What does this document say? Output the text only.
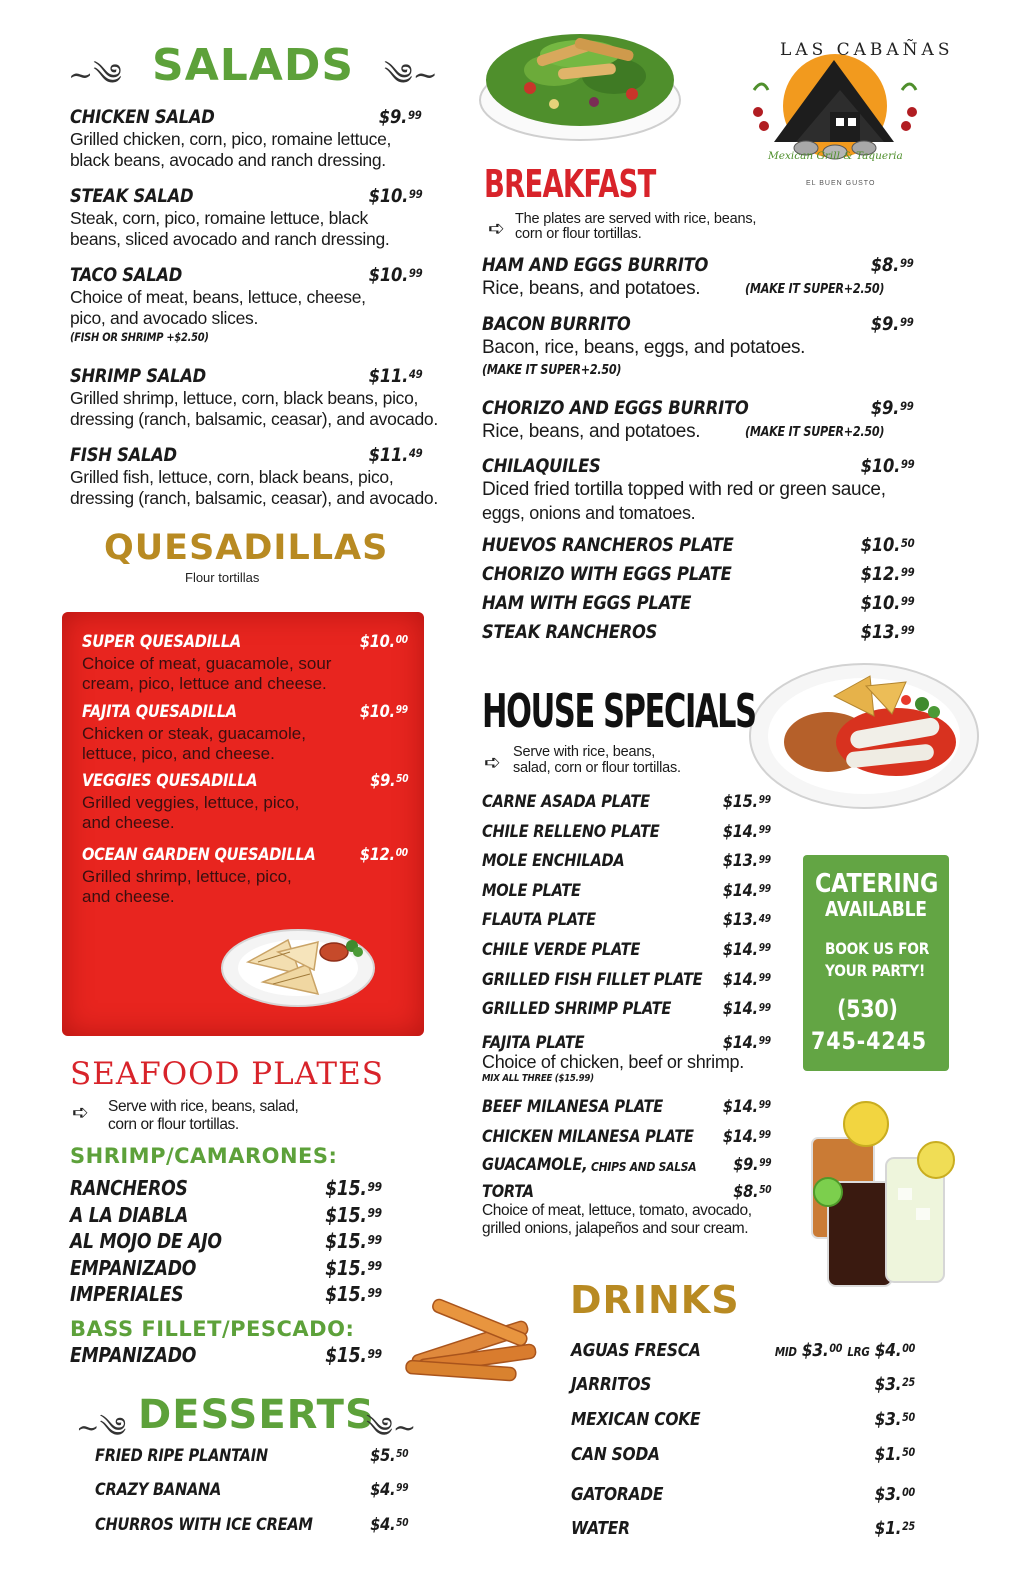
~༄ SALADS ༄~
CHICKEN SALAD	$9.99
Grilled chicken, corn, pico, romaine lettuce,
black beans, avocado and ranch dressing.
STEAK SALAD	$10.99
Steak, corn, pico, romaine lettuce, black
beans, sliced avocado and ranch dressing.
TACO SALAD	$10.99
Choice of meat, beans, lettuce, cheese,
pico, and avocado slices.
(FISH OR SHRIMP +$2.50)
SHRIMP SALAD	$11.49
Grilled shrimp, lettuce, corn, black beans, pico,
dressing (ranch, balsamic, ceasar), and avocado.
FISH SALAD	$11.49
Grilled fish, lettuce, corn, black beans, pico,
dressing (ranch, balsamic, ceasar), and avocado.
QUESADILLAS
Flour tortillas
SUPER QUESADILLA	$10.00
Choice of meat, guacamole, sour
cream, pico, lettuce and cheese.
FAJITA QUESADILLA	$10.99
Chicken or steak, guacamole,
lettuce, pico, and cheese.
VEGGIES QUESADILLA	$9.50
Grilled veggies, lettuce, pico,
and cheese.
OCEAN GARDEN QUESADILLA	$12.00
Grilled shrimp, lettuce, pico,
and cheese.
SEAFOOD PLATES
➪ Serve with rice, beans, salad,
corn or flour tortillas.
SHRIMP/CAMARONES:
RANCHEROS	$15.99
A LA DIABLA	$15.99
AL MOJO DE AJO	$15.99
EMPANIZADO	$15.99
IMPERIALES	$15.99
BASS FILLET/PESCADO:
EMPANIZADO	$15.99
~༄ DESSERTS
༄~
FRIED RIPE PLANTAIN	$5.50
CRAZY BANANA	$4.99
CHURROS WITH ICE CREAM	$4.50
LAS CABAÑAS
Mexican Grill & Taqueria
EL BUEN GUSTO
BREAKFAST
➪ The plates are served with rice, beans,
corn or flour tortillas.
HAM AND EGGS BURRITO	$8.99
Rice, beans, and potatoes.	(MAKE IT SUPER+2.50)
BACON BURRITO	$9.99
Bacon, rice, beans, eggs, and potatoes.
(MAKE IT SUPER+2.50)
CHORIZO AND EGGS BURRITO	$9.99
Rice, beans, and potatoes.	(MAKE IT SUPER+2.50)
CHILAQUILES	$10.99
Diced fried tortilla topped with red or green sauce,
eggs, onions and tomatoes.
HUEVOS RANCHEROS PLATE	$10.50
CHORIZO WITH EGGS PLATE	$12.99
HAM WITH EGGS PLATE	$10.99
STEAK RANCHEROS	$13.99
HOUSE SPECIALS
➪ Serve with rice, beans,
salad, corn or flour tortillas.
CARNE ASADA PLATE	$15.99
CHILE RELLENO PLATE	$14.99
MOLE ENCHILADA	$13.99
MOLE PLATE	$14.99
FLAUTA PLATE	$13.49
CHILE VERDE PLATE	$14.99
GRILLED FISH FILLET PLATE $14.99
GRILLED SHRIMP PLATE	$14.99
FAJITA PLATE	$14.99
Choice of chicken, beef or shrimp.
MIX ALL THREE ($15.99)
BEEF MILANESA PLATE	$14.99
CHICKEN MILANESA PLATE $14.99
GUACAMOLE, CHIPS AND SALSA $9.99
TORTA	$8.50
Choice of meat, lettuce, tomato, avocado,
grilled onions, jalapeños and sour cream.
CATERING
AVAILABLE
BOOK US FOR
YOUR PARTY!
(530)
745-4245
DRINKS
AGUAS FRESCA	MID $3.00 LRG $4.00
JARRITOS	$3.25
MEXICAN COKE	$3.50
CAN SODA	$1.50
GATORADE	$3.00
WATER	$1.25
